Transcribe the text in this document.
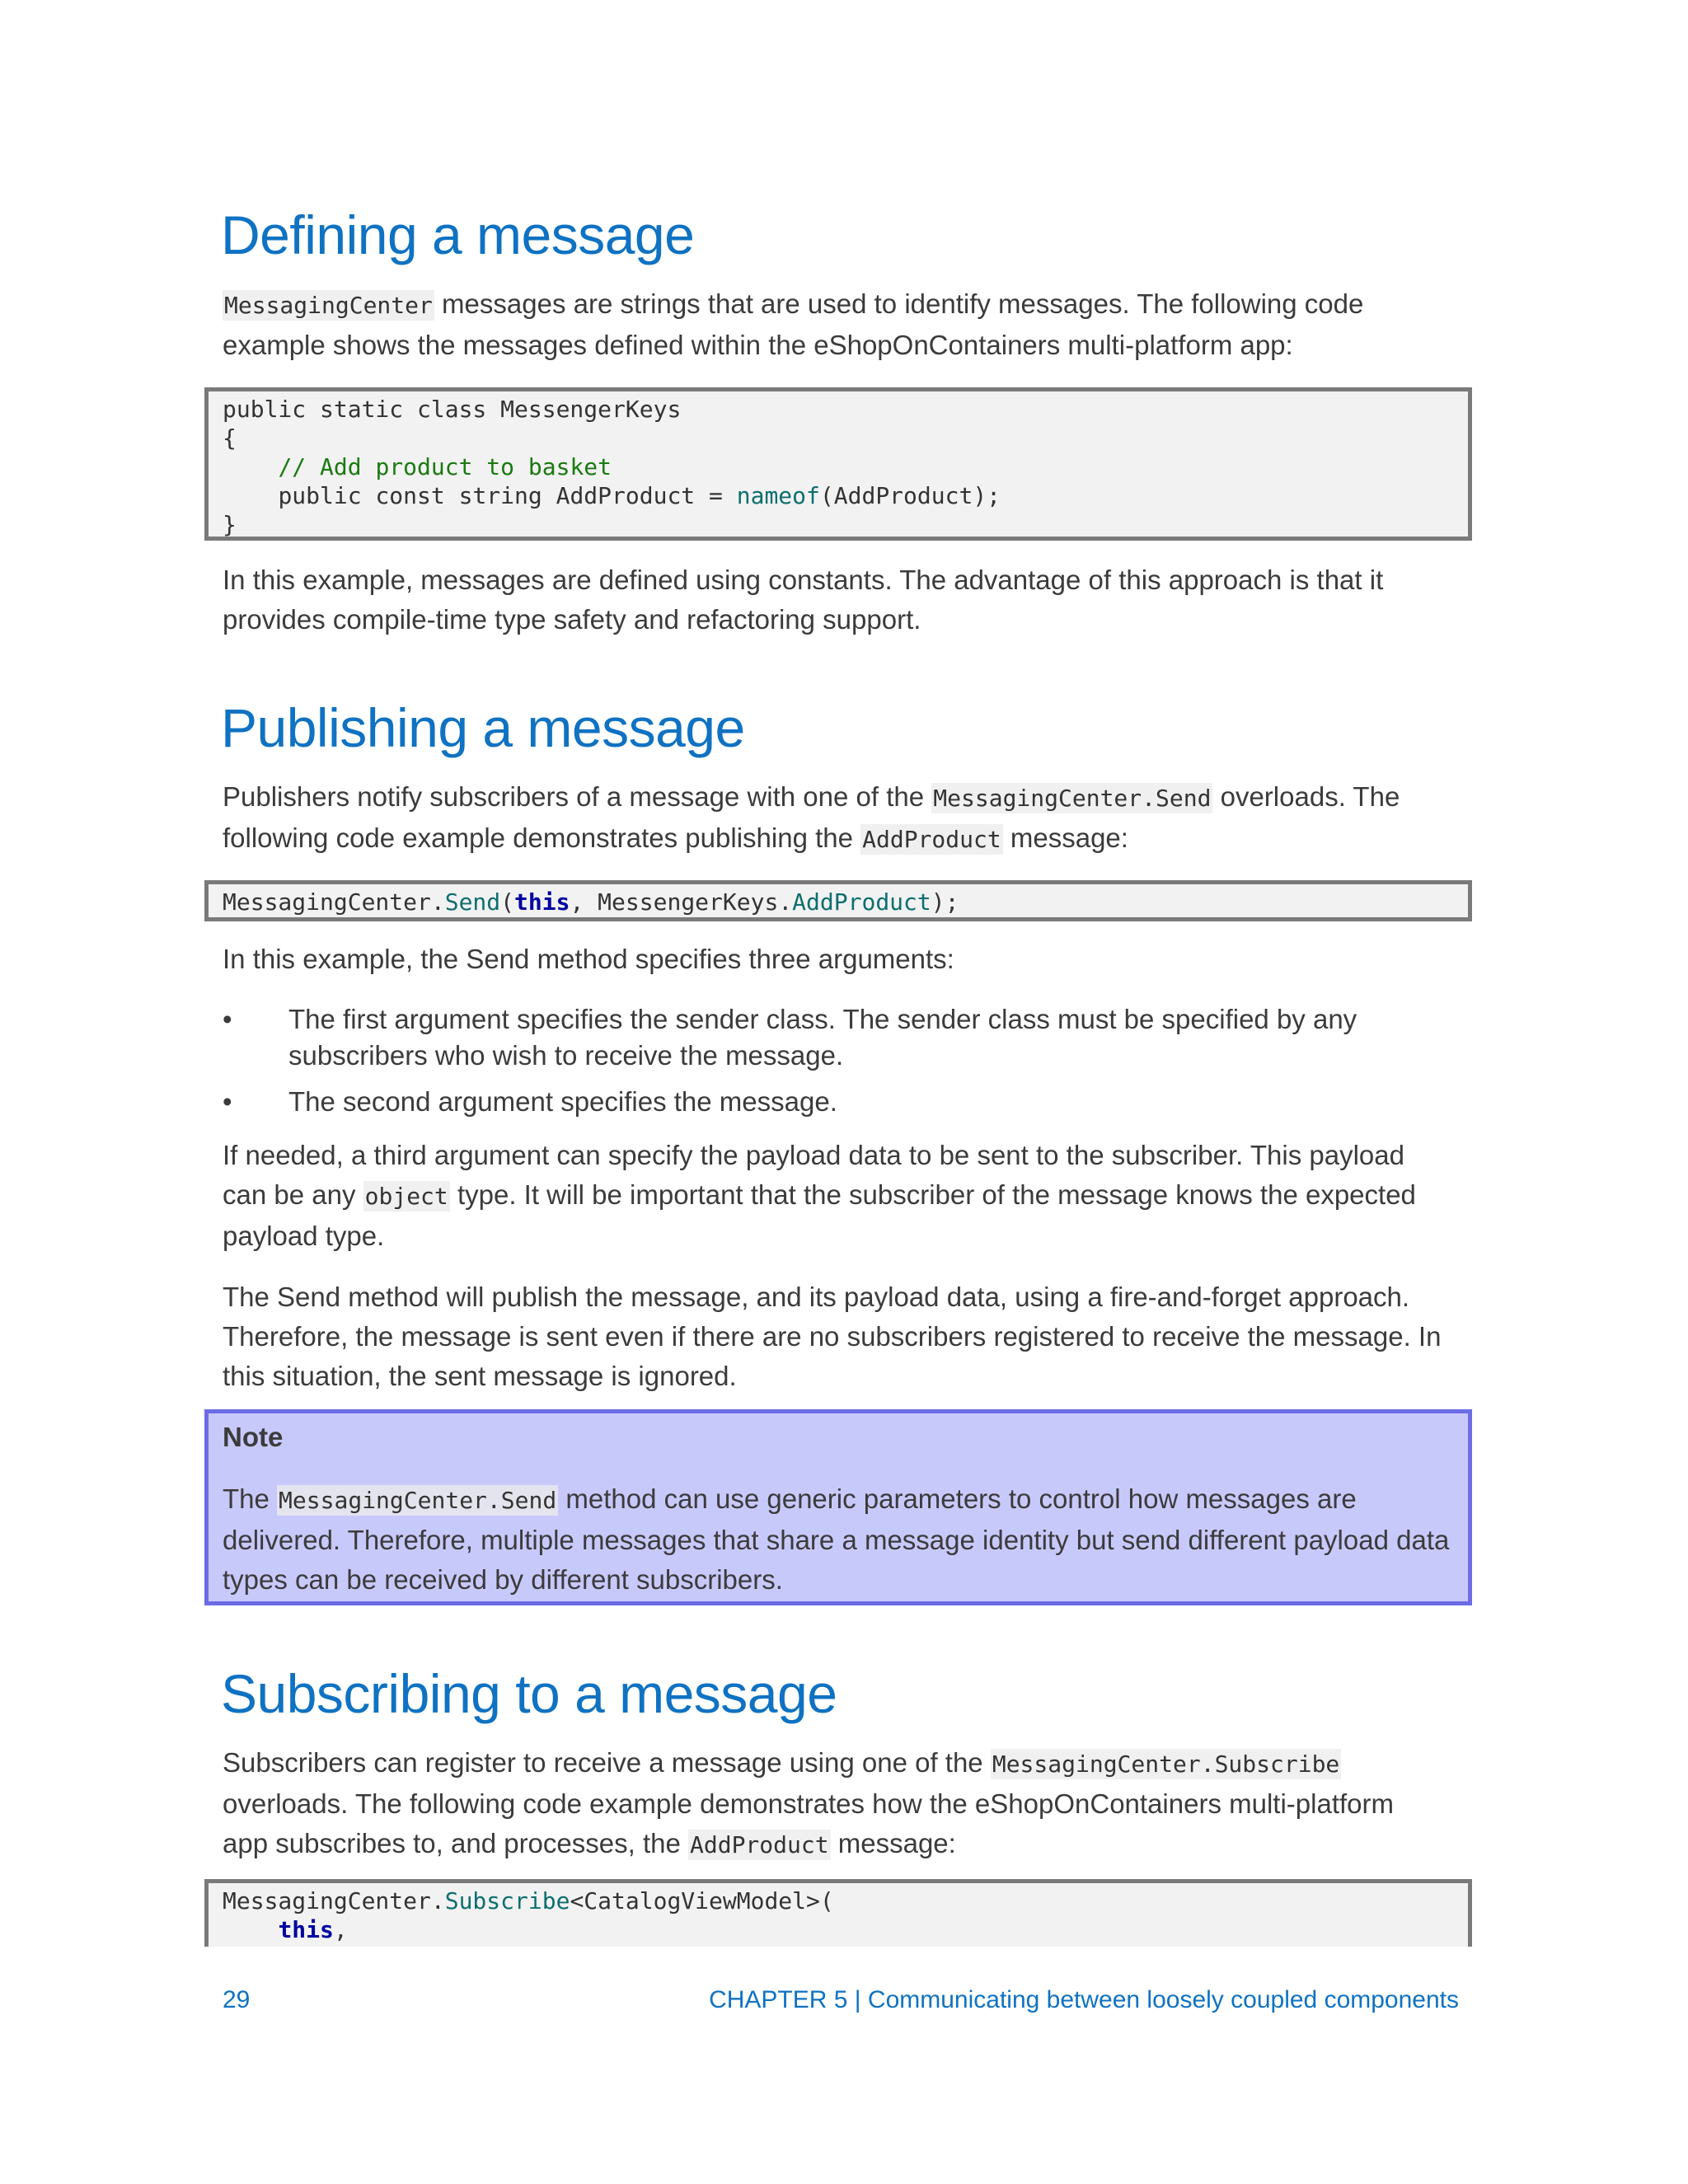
Defining a message

MessagingCenter messages are strings that are used to identify messages. The following code
example shows the messages defined within the eShopOnContainers multi-platform app:

public static class MessengerKeys
{
// Add product to basket
public const string AddProduct = nameof(AddProduct);
}

In this example, messages are defined using constants. The advantage of this approach is that it
provides compile-time type safety and refactoring support.

Publishing a message

Publishers notify subscribers of a message with one of the MessagingCenter.Send overloads. The
following code example demonstrates publishing the AddProduct message:

MessagingCenter.Send(this, MessengerKeys.AddProduct);

In this example, the Send method specifies three arguments:

• The first argument specifies the sender class. The sender class must be specified by any
subscribers who wish to receive the message.
• The second argument specifies the message.

If needed, a third argument can specify the payload data to be sent to the subscriber. This payload
can be any object type. It will be important that the subscriber of the message knows the expected
payload type.

The Send method will publish the message, and its payload data, using a fire-and-forget approach.
Therefore, the message is sent even if there are no subscribers registered to receive the message. In
this situation, the sent message is ignored.

Note

The MessagingCenter.Send method can use generic parameters to control how messages are
delivered. Therefore, multiple messages that share a message identity but send different payload data
types can be received by different subscribers.

Subscribing to a message

Subscribers can register to receive a message using one of the MessagingCenter.Subscribe
overloads. The following code example demonstrates how the eShopOnContainers multi-platform
app subscribes to, and processes, the AddProduct message:

MessagingCenter.Subscribe<CatalogViewModel>(
this,
29	CHAPTER 5 | Communicating between loosely coupled components
